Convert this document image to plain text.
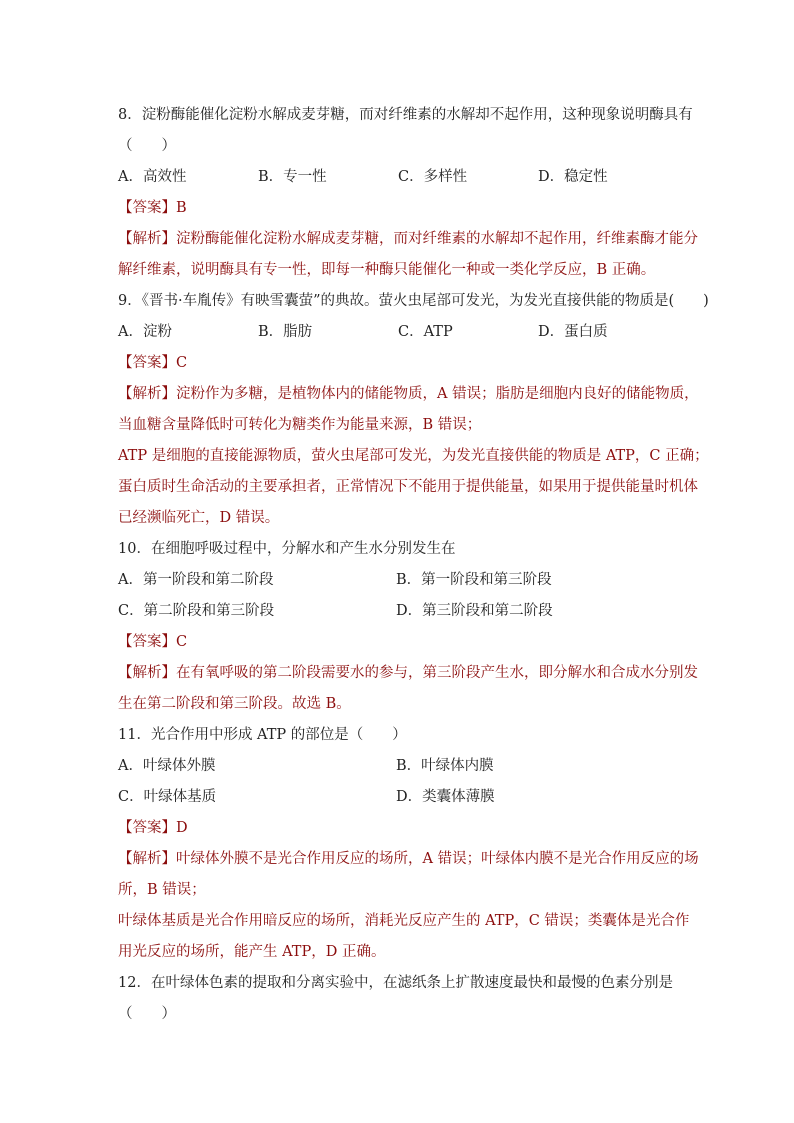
8．淀粉酶能催化淀粉水解成麦芽糖，而对纤维素的水解却不起作用，这种现象说明酶具有
（　　）
A．高效性	B．专一性	C．多样性	D．稳定性
【答案】B
【解析】淀粉酶能催化淀粉水解成麦芽糖，而对纤维素的水解却不起作用，纤维素酶才能分
解纤维素，说明酶具有专一性，即每一种酶只能催化一种或一类化学反应，B 正确。
9．《晋书·车胤传》有映雪囊萤”的典故。萤火虫尾部可发光，为发光直接供能的物质是(　　)
A．淀粉	B．脂肪	C．ATP	D．蛋白质
【答案】C
【解析】淀粉作为多糖，是植物体内的储能物质，A 错误；脂肪是细胞内良好的储能物质，
当血糖含量降低时可转化为糖类作为能量来源，B 错误；
ATP 是细胞的直接能源物质，萤火虫尾部可发光，为发光直接供能的物质是 ATP，C 正确；
蛋白质时生命活动的主要承担者，正常情况下不能用于提供能量，如果用于提供能量时机体
已经濒临死亡，D 错误。
10．在细胞呼吸过程中，分解水和产生水分别发生在
A．第一阶段和第二阶段	B．第一阶段和第三阶段
C．第二阶段和第三阶段	D．第三阶段和第二阶段
【答案】C
【解析】在有氧呼吸的第二阶段需要水的参与，第三阶段产生水，即分解水和合成水分别发
生在第二阶段和第三阶段。故选 B。
11．光合作用中形成 ATP 的部位是（　　）
A．叶绿体外膜	B．叶绿体内膜
C．叶绿体基质	D．类囊体薄膜
【答案】D
【解析】叶绿体外膜不是光合作用反应的场所，A 错误；叶绿体内膜不是光合作用反应的场
所，B 错误；
叶绿体基质是光合作用暗反应的场所，消耗光反应产生的 ATP，C 错误；类囊体是光合作
用光反应的场所，能产生 ATP，D 正确。
12．在叶绿体色素的提取和分离实验中，在滤纸条上扩散速度最快和最慢的色素分别是
（　　）
